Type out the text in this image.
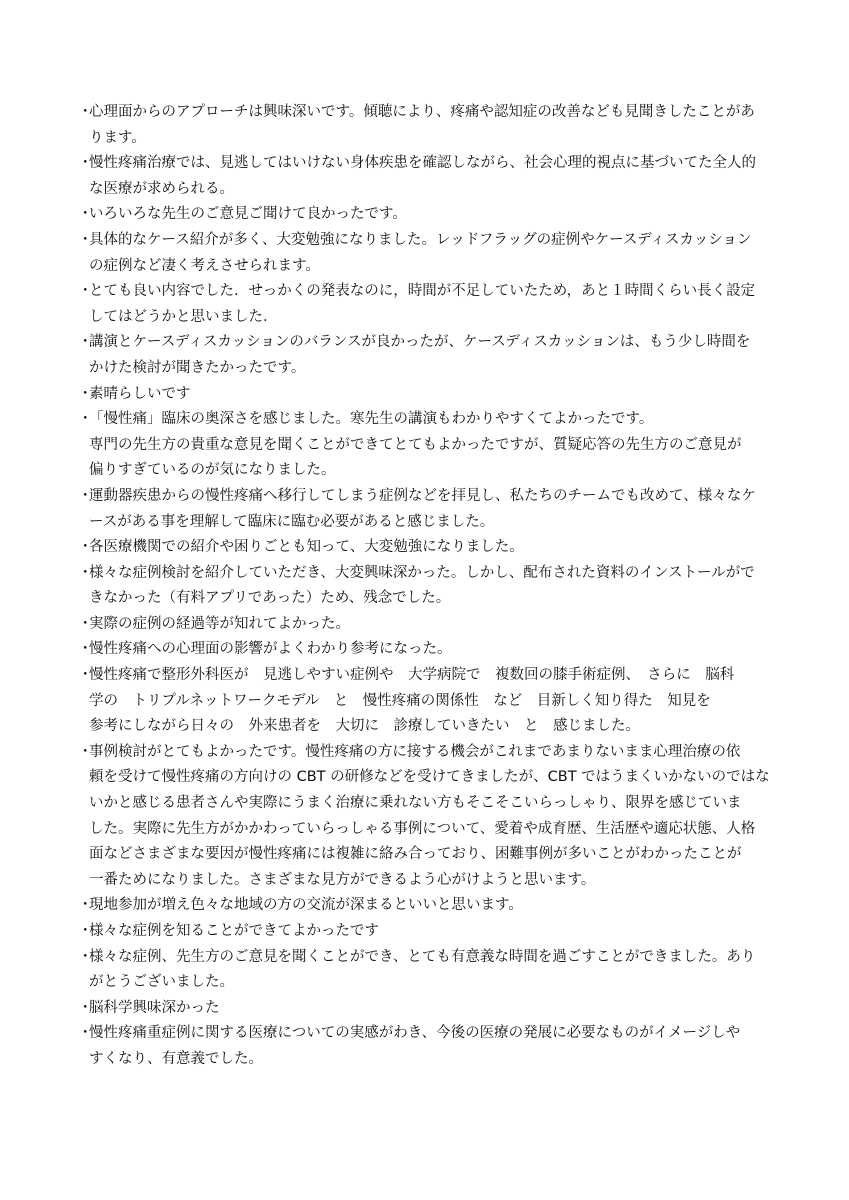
・
心理面からのアプローチは興味深いです。傾聴により、疼痛や認知症の改善なども見聞きしたことがあ
ります。
・
慢性疼痛治療では、見逃してはいけない身体疾患を確認しながら、社会心理的視点に基づいてた全人的
な医療が求められる。
・
いろいろな先生のご意見ご聞けて良かったです。
・
具体的なケース紹介が多く、大変勉強になりました。レッドフラッグの症例やケースディスカッション
の症例など凄く考えさせられます。
・
とても良い内容でした．せっかくの発表なのに，時間が不足していたため，あと１時間くらい長く設定
してはどうかと思いました．
・
講演とケースディスカッションのバランスが良かったが、ケースディスカッションは、もう少し時間を
かけた検討が聞きたかったです。
・
素晴らしいです
・
「慢性痛」臨床の奥深さを感じました。寒先生の講演もわかりやすくてよかったです。
専門の先生方の貴重な意見を聞くことができてとてもよかったですが、質疑応答の先生方のご意見が
偏りすぎているのが気になりました。
・
運動器疾患からの慢性疼痛へ移行してしまう症例などを拝見し、私たちのチームでも改めて、様々なケ
ースがある事を理解して臨床に臨む必要があると感じました。
・
各医療機関での紹介や困りごとも知って、大変勉強になりました。
・
様々な症例検討を紹介していただき、大変興味深かった。しかし、配布された資料のインストールがで
きなかった（有料アプリであった）ため、残念でした。
・
実際の症例の経過等が知れてよかった。
・
慢性疼痛への心理面の影響がよくわかり参考になった。
・
慢性疼痛で整形外科医が　見逃しやすい症例や　大学病院で　複数回の膝手術症例、　さらに　脳科
学の　トリプルネットワークモデル　と　慢性疼痛の関係性　など　目新しく知り得た　知見を
参考にしながら日々の　外来患者を　大切に　診療していきたい　と　感じました。
・
事例検討がとてもよかったです。慢性疼痛の方に接する機会がこれまであまりないまま心理治療の依
頼を受けて慢性疼痛の方向けの CBT の研修などを受けてきましたが、CBT ではうまくいかないのではな
いかと感じる患者さんや実際にうまく治療に乗れない方もそこそこいらっしゃり、限界を感じていま
した。実際に先生方がかかわっていらっしゃる事例について、愛着や成育歴、生活歴や適応状態、人格
面などさまざまな要因が慢性疼痛には複雑に絡み合っており、困難事例が多いことがわかったことが
一番ためになりました。さまざまな見方ができるよう心がけようと思います。
・
現地参加が増え色々な地域の方の交流が深まるといいと思います。
・
様々な症例を知ることができてよかったです
・
様々な症例、先生方のご意見を聞くことができ、とても有意義な時間を過ごすことができました。あり
がとうございました。
・
脳科学興味深かった
・
慢性疼痛重症例に関する医療についての実感がわき、今後の医療の発展に必要なものがイメージしや
すくなり、有意義でした。
